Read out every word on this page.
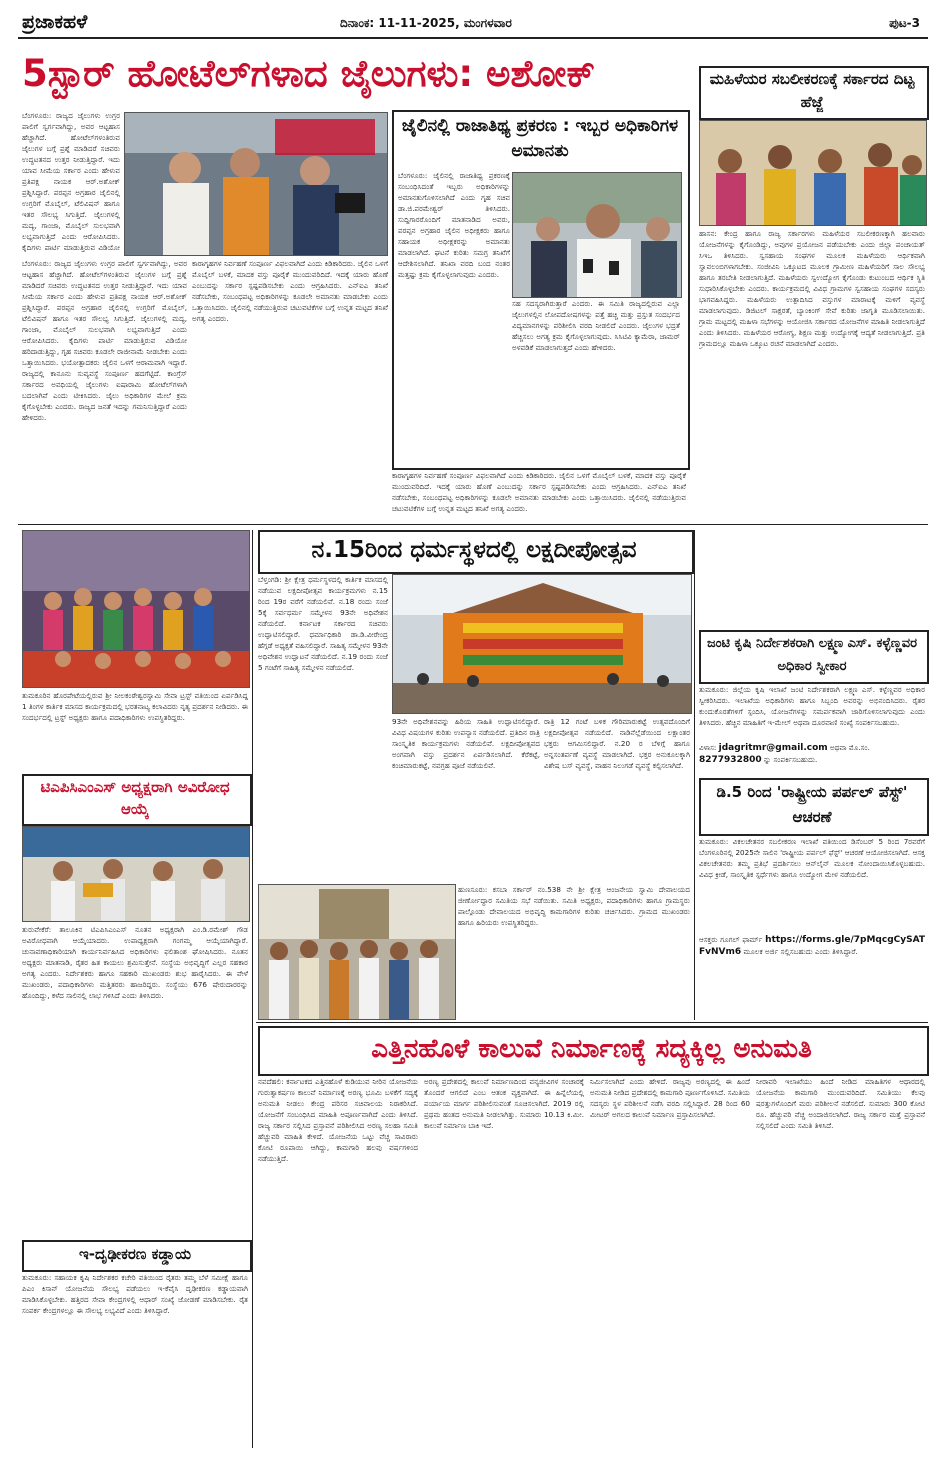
ಪ್ರಜಾಕಹಳೆ	ದಿನಾಂಕ: 11-11-2025, ಮಂಗಳವಾರ	ಪುಟ-3
5ಸ್ಟಾರ್ ಹೋಟೆಲ್‌ಗಳಾದ ಜೈಲುಗಳು: ಅಶೋಕ್
ಬೆಂಗಳೂರು: ರಾಜ್ಯದ ಜೈಲುಗಳು ಉಗ್ರರ ಪಾಲಿಗೆ ಸ್ವರ್ಗವಾಗಿದ್ದು, ಅವರ ಆಟ್ಟಹಾಸ ಹೆಚ್ಚಾಗಿದೆ. ಹೋಟೆಲ್‌ಗಳಂತಿರುವ ಜೈಲುಗಳ ಬಗ್ಗೆ ಪ್ರಶ್ನೆ ಮಾಡಿದರೆ ಸಚಿವರು ಉದ್ಧಟತನದ ಉತ್ತರ ನೀಡುತ್ತಿದ್ದಾರೆ. ಇದು ಯಾವ ಸೀಮೆಯ ಸರ್ಕಾರ ಎಂದು ಹೇಳುವ ಪ್ರತಿಪಕ್ಷ ನಾಯಕ ಆರ್.ಅಶೋಕ್ ಪ್ರಶ್ನಿಸಿದ್ದಾರೆ. ಪರಪ್ಪನ ಅಗ್ರಹಾರ ಜೈಲಿನಲ್ಲಿ ಉಗ್ರರಿಗೆ ಮೊಬೈಲ್, ಟೆಲಿವಿಷನ್ ಹಾಗೂ ಇತರ ಸೌಲಭ್ಯ ಸಿಗುತ್ತಿದೆ. ಜೈಲುಗಳಲ್ಲಿ ಮದ್ಯ, ಗಾಂಜಾ, ಮೊಬೈಲ್ ಸುಲಭವಾಗಿ ಲಭ್ಯವಾಗುತ್ತಿದೆ ಎಂದು ಆರೋಪಿಸಿದರು. ಕೈದಿಗಳು ಪಾರ್ಟಿ ಮಾಡುತ್ತಿರುವ ವಿಡಿಯೋ
ಬೆಂಗಳೂರು: ರಾಜ್ಯದ ಜೈಲುಗಳು ಉಗ್ರರ ಪಾಲಿಗೆ ಸ್ವರ್ಗವಾಗಿದ್ದು, ಅವರ ಆಟ್ಟಹಾಸ ಹೆಚ್ಚಾಗಿದೆ. ಹೋಟೆಲ್‌ಗಳಂತಿರುವ ಜೈಲುಗಳ ಬಗ್ಗೆ ಪ್ರಶ್ನೆ ಮಾಡಿದರೆ ಸಚಿವರು ಉದ್ಧಟತನದ ಉತ್ತರ ನೀಡುತ್ತಿದ್ದಾರೆ. ಇದು ಯಾವ ಸೀಮೆಯ ಸರ್ಕಾರ ಎಂದು ಹೇಳುವ ಪ್ರತಿಪಕ್ಷ ನಾಯಕ ಆರ್.ಅಶೋಕ್ ಪ್ರಶ್ನಿಸಿದ್ದಾರೆ. ಪರಪ್ಪನ ಅಗ್ರಹಾರ ಜೈಲಿನಲ್ಲಿ ಉಗ್ರರಿಗೆ ಮೊಬೈಲ್, ಟೆಲಿವಿಷನ್ ಹಾಗೂ ಇತರ ಸೌಲಭ್ಯ ಸಿಗುತ್ತಿದೆ. ಜೈಲುಗಳಲ್ಲಿ ಮದ್ಯ, ಗಾಂಜಾ, ಮೊಬೈಲ್ ಸುಲಭವಾಗಿ ಲಭ್ಯವಾಗುತ್ತಿದೆ ಎಂದು ಆರೋಪಿಸಿದರು. ಕೈದಿಗಳು ಪಾರ್ಟಿ ಮಾಡುತ್ತಿರುವ ವಿಡಿಯೋ ಹರಿದಾಡುತ್ತಿದ್ದು, ಗೃಹ ಸಚಿವರು ಕೂಡಲೇ ರಾಜೀನಾಮೆ ನೀಡಬೇಕು ಎಂದು ಒತ್ತಾಯಿಸಿದರು. ಭಯೋತ್ಪಾದಕರು ಜೈಲಿನ ಒಳಗೆ ಆರಾಮವಾಗಿ ಇದ್ದಾರೆ. ರಾಜ್ಯದಲ್ಲಿ ಕಾನೂನು ಸುವ್ಯವಸ್ಥೆ ಸಂಪೂರ್ಣ ಹದಗೆಟ್ಟಿದೆ. ಕಾಂಗ್ರೆಸ್ ಸರ್ಕಾರದ ಅವಧಿಯಲ್ಲಿ ಜೈಲುಗಳು ಐಷಾರಾಮಿ ಹೋಟೆಲ್‌ಗಳಾಗಿ ಬದಲಾಗಿವೆ ಎಂದು ಟೀಕಿಸಿದರು. ಜೈಲು ಅಧಿಕಾರಿಗಳ ಮೇಲೆ ಕ್ರಮ ಕೈಗೊಳ್ಳಬೇಕು ಎಂದರು. ರಾಜ್ಯದ ಜನತೆ ಇದನ್ನು ಗಮನಿಸುತ್ತಿದ್ದಾರೆ ಎಂದು ಹೇಳಿದರು.
ಕಾರಾಗೃಹಗಳ ನಿರ್ವಹಣೆ ಸಂಪೂರ್ಣ ವಿಫಲವಾಗಿದೆ ಎಂದು ಕಿಡಿಕಾರಿದರು. ಜೈಲಿನ ಒಳಗೆ ಮೊಬೈಲ್ ಬಳಕೆ, ಮಾದಕ ವಸ್ತು ಪೂರೈಕೆ ಮುಂದುವರಿದಿದೆ. ಇದಕ್ಕೆ ಯಾರು ಹೊಣೆ ಎಂಬುದನ್ನು ಸರ್ಕಾರ ಸ್ಪಷ್ಟಪಡಿಸಬೇಕು ಎಂದು ಆಗ್ರಹಿಸಿದರು. ಎನ್‌ಐಎ ತನಿಖೆ ನಡೆಸಬೇಕು, ಸಂಬಂಧಪಟ್ಟ ಅಧಿಕಾರಿಗಳನ್ನು ಕೂಡಲೇ ಅಮಾನತು ಮಾಡಬೇಕು ಎಂದು ಒತ್ತಾಯಿಸಿದರು. ಜೈಲಿನಲ್ಲಿ ನಡೆಯುತ್ತಿರುವ ಚಟುವಟಿಕೆಗಳ ಬಗ್ಗೆ ಉನ್ನತ ಮಟ್ಟದ ತನಿಖೆ ಅಗತ್ಯ ಎಂದರು.
ಜೈಲಿನಲ್ಲಿ ರಾಜಾತಿಥ್ಯ ಪ್ರಕರಣ : ಇಬ್ಬರ ಅಧಿಕಾರಿಗಳ ಅಮಾನತು
ಬೆಂಗಳೂರು: ಜೈಲಿನಲ್ಲಿ ರಾಜಾತಿಥ್ಯ ಪ್ರಕರಣಕ್ಕೆ ಸಂಬಂಧಿಸಿದಂತೆ ಇಬ್ಬರು ಅಧಿಕಾರಿಗಳನ್ನು ಅಮಾನತುಗೊಳಿಸಲಾಗಿದೆ ಎಂದು ಗೃಹ ಸಚಿವ ಡಾ.ಜಿ.ಪರಮೇಶ್ವರ್ ತಿಳಿಸಿದರು. ಸುದ್ದಿಗಾರರೊಂದಿಗೆ ಮಾತನಾಡಿದ ಅವರು, ಪರಪ್ಪನ ಅಗ್ರಹಾರ ಜೈಲಿನ ಅಧೀಕ್ಷಕರು ಹಾಗೂ ಸಹಾಯಕ ಅಧೀಕ್ಷಕರನ್ನು ಅಮಾನತು ಮಾಡಲಾಗಿದೆ. ಘಟನೆ ಕುರಿತು ಸಮಗ್ರ ತನಿಖೆಗೆ ಆದೇಶಿಸಲಾಗಿದೆ. ತನಿಖಾ ವರದಿ ಬಂದ ನಂತರ ಮತ್ತಷ್ಟು ಕ್ರಮ ಕೈಗೊಳ್ಳಲಾಗುವುದು ಎಂದರು.
ಸಹ ಸದಸ್ಯರಾಗಿರುತ್ತಾರೆ ಎಂದರು. ಈ ಸಮಿತಿ ರಾಜ್ಯದಲ್ಲಿರುವ ಎಲ್ಲಾ ಜೈಲುಗಳಲ್ಲಿನ ಲೋಪದೋಷಗಳನ್ನು ಪತ್ತೆ ಹಚ್ಚಿ ಮತ್ತು ಪ್ರಸ್ತುತ ಸಂದರ್ಭದ ವಿದ್ಯಮಾನಗಳನ್ನು ಪರಿಶೀಲಿಸಿ ವರದಿ ನೀಡಲಿದೆ ಎಂದರು. ಜೈಲುಗಳ ಭದ್ರತೆ ಹೆಚ್ಚಿಸಲು ಅಗತ್ಯ ಕ್ರಮ ಕೈಗೊಳ್ಳಲಾಗುವುದು. ಸಿಸಿಟಿವಿ ಕ್ಯಾಮೆರಾ, ಜಾಮರ್ ಅಳವಡಿಕೆ ಮಾಡಲಾಗುತ್ತದೆ ಎಂದು ಹೇಳಿದರು.
ಕಾರಾಗೃಹಗಳ ನಿರ್ವಹಣೆ ಸಂಪೂರ್ಣ ವಿಫಲವಾಗಿದೆ ಎಂದು ಕಿಡಿಕಾರಿದರು. ಜೈಲಿನ ಒಳಗೆ ಮೊಬೈಲ್ ಬಳಕೆ, ಮಾದಕ ವಸ್ತು ಪೂರೈಕೆ ಮುಂದುವರಿದಿದೆ. ಇದಕ್ಕೆ ಯಾರು ಹೊಣೆ ಎಂಬುದನ್ನು ಸರ್ಕಾರ ಸ್ಪಷ್ಟಪಡಿಸಬೇಕು ಎಂದು ಆಗ್ರಹಿಸಿದರು. ಎನ್‌ಐಎ ತನಿಖೆ ನಡೆಸಬೇಕು, ಸಂಬಂಧಪಟ್ಟ ಅಧಿಕಾರಿಗಳನ್ನು ಕೂಡಲೇ ಅಮಾನತು ಮಾಡಬೇಕು ಎಂದು ಒತ್ತಾಯಿಸಿದರು. ಜೈಲಿನಲ್ಲಿ ನಡೆಯುತ್ತಿರುವ ಚಟುವಟಿಕೆಗಳ ಬಗ್ಗೆ ಉನ್ನತ ಮಟ್ಟದ ತನಿಖೆ ಅಗತ್ಯ ಎಂದರು.
ಮಹಿಳೆಯರ ಸಬಲೀಕರಣಕ್ಕೆ ಸರ್ಕಾರದ ದಿಟ್ಟ ಹೆಜ್ಜೆ
ಹಾಸನ: ಕೇಂದ್ರ ಹಾಗೂ ರಾಜ್ಯ ಸರ್ಕಾರಗಳು ಮಹಿಳೆಯರ ಸಬಲೀಕರಣಕ್ಕಾಗಿ ಹಲವಾರು ಯೋಜನೆಗಳನ್ನು ಕೈಗೊಂಡಿದ್ದು, ಅವುಗಳ ಪ್ರಯೋಜನ ಪಡೆಯಬೇಕು ಎಂದು ಜಿಲ್ಲಾ ಪಂಚಾಯತ್ ಸಿಇಒ ತಿಳಿಸಿದರು. ಸ್ವಸಹಾಯ ಸಂಘಗಳ ಮೂಲಕ ಮಹಿಳೆಯರು ಆರ್ಥಿಕವಾಗಿ ಸ್ವಾವಲಂಬಿಗಳಾಗಬೇಕು. ಸಂಜೀವಿನಿ ಒಕ್ಕೂಟದ ಮೂಲಕ ಗ್ರಾಮೀಣ ಮಹಿಳೆಯರಿಗೆ ಸಾಲ ಸೌಲಭ್ಯ ಹಾಗೂ ತರಬೇತಿ ನೀಡಲಾಗುತ್ತಿದೆ. ಮಹಿಳೆಯರು ಸ್ವಉದ್ಯೋಗ ಕೈಗೊಂಡು ಕುಟುಂಬದ ಆರ್ಥಿಕ ಸ್ಥಿತಿ ಸುಧಾರಿಸಿಕೊಳ್ಳಬೇಕು ಎಂದರು. ಕಾರ್ಯಕ್ರಮದಲ್ಲಿ ವಿವಿಧ ಗ್ರಾಮಗಳ ಸ್ವಸಹಾಯ ಸಂಘಗಳ ಸದಸ್ಯರು ಭಾಗವಹಿಸಿದ್ದರು. ಮಹಿಳೆಯರು ಉತ್ಪಾದಿಸಿದ ವಸ್ತುಗಳ ಮಾರಾಟಕ್ಕೆ ಮಳಿಗೆ ವ್ಯವಸ್ಥೆ ಮಾಡಲಾಗುವುದು. ಡಿಜಿಟಲ್ ಸಾಕ್ಷರತೆ, ಬ್ಯಾಂಕಿಂಗ್ ಸೇವೆ ಕುರಿತು ಜಾಗೃತಿ ಮೂಡಿಸಲಾಯಿತು. ಗ್ರಾಮ ಮಟ್ಟದಲ್ಲಿ ಮಹಿಳಾ ಸಭೆಗಳನ್ನು ಆಯೋಜಿಸಿ ಸರ್ಕಾರದ ಯೋಜನೆಗಳ ಮಾಹಿತಿ ನೀಡಲಾಗುತ್ತಿದೆ ಎಂದು ತಿಳಿಸಿದರು. ಮಹಿಳೆಯರ ಆರೋಗ್ಯ, ಶಿಕ್ಷಣ ಮತ್ತು ಉದ್ಯೋಗಕ್ಕೆ ಆದ್ಯತೆ ನೀಡಲಾಗುತ್ತಿದೆ. ಪ್ರತಿ ಗ್ರಾಮದಲ್ಲೂ ಮಹಿಳಾ ಒಕ್ಕೂಟ ರಚನೆ ಮಾಡಲಾಗಿದೆ ಎಂದರು.
ತುಮಕೂರಿನ ಹೊರಪೇಟೆಯಲ್ಲಿರುವ ಶ್ರೀ ನೀಲಕಂಠೇಶ್ವರಸ್ವಾಮಿ ಸೇವಾ ಟ್ರಸ್ಟ್ ವತಿಯಿಂದ ಏರ್ಪಡಿಸಿದ್ದ 1 ತಿಂಗಳ ಕಾರ್ತಿಕ ಮಾಸದ ಕಾರ್ಯಕ್ರಮದಲ್ಲಿ ಭರತನಾಟ್ಯ ಕಲಾವಿದರು ನೃತ್ಯ ಪ್ರದರ್ಶನ ನೀಡಿದರು. ಈ ಸಂದರ್ಭದಲ್ಲಿ ಟ್ರಸ್ಟ್ ಅಧ್ಯಕ್ಷರು ಹಾಗೂ ಪದಾಧಿಕಾರಿಗಳು ಉಪಸ್ಥಿತರಿದ್ದರು.
ಟಿಎಪಿಸಿಎಂಎಸ್ ಅಧ್ಯಕ್ಷರಾಗಿ ಅವಿರೋಧ ಆಯ್ಕೆ
ತುರುವೇಕೆರೆ: ತಾಲೂಕಿನ ಟಿಎಪಿಸಿಎಂಎಸ್ ನೂತನ ಅಧ್ಯಕ್ಷರಾಗಿ ಎಂ.ಡಿ.ರಮೇಶ್ ಗೌಡ ಅವಿರೋಧವಾಗಿ ಆಯ್ಕೆಯಾದರು. ಉಪಾಧ್ಯಕ್ಷರಾಗಿ ಗಂಗಮ್ಮ ಆಯ್ಕೆಯಾಗಿದ್ದಾರೆ. ಚುನಾವಣಾಧಿಕಾರಿಯಾಗಿ ಕಾರ್ಯನಿರ್ವಹಿಸಿದ ಅಧಿಕಾರಿಗಳು ಫಲಿತಾಂಶ ಘೋಷಿಸಿದರು. ನೂತನ ಅಧ್ಯಕ್ಷರು ಮಾತನಾಡಿ, ರೈತರ ಹಿತ ಕಾಯಲು ಶ್ರಮಿಸುತ್ತೇನೆ. ಸಂಸ್ಥೆಯ ಅಭಿವೃದ್ಧಿಗೆ ಎಲ್ಲರ ಸಹಕಾರ ಅಗತ್ಯ ಎಂದರು. ನಿರ್ದೇಶಕರು ಹಾಗೂ ಸಹಕಾರಿ ಮುಖಂಡರು ಶುಭ ಹಾರೈಸಿದರು. ಈ ವೇಳೆ ಮುಖಂಡರು, ಪದಾಧಿಕಾರಿಗಳು ಮತ್ತಿತರರು ಹಾಜರಿದ್ದರು. ಸಂಸ್ಥೆಯು 676 ಷೇರುದಾರರನ್ನು ಹೊಂದಿದ್ದು, ಕಳೆದ ಸಾಲಿನಲ್ಲಿ ಲಾಭ ಗಳಿಸಿದೆ ಎಂದು ತಿಳಿಸಿದರು.
ಇ-ದೃಢೀಕರಣ ಕಡ್ಡಾಯ
ತುಮಕೂರು: ಸಹಾಯಕ ಕೃಷಿ ನಿರ್ದೇಶಕರ ಕಚೇರಿ ವತಿಯಿಂದ ರೈತರು ತಮ್ಮ ಬೆಳೆ ಸಮೀಕ್ಷೆ ಹಾಗೂ ಪಿಎಂ ಕಿಸಾನ್ ಯೋಜನೆಯ ಸೌಲಭ್ಯ ಪಡೆಯಲು ಇ-ಕೆವೈಸಿ ದೃಢೀಕರಣ ಕಡ್ಡಾಯವಾಗಿ ಮಾಡಿಸಿಕೊಳ್ಳಬೇಕು. ಹತ್ತಿರದ ಸೇವಾ ಕೇಂದ್ರಗಳಲ್ಲಿ ಆಧಾರ್ ಸಂಖ್ಯೆ ಜೋಡಣೆ ಮಾಡಿಸಬೇಕು. ರೈತ ಸಂಪರ್ಕ ಕೇಂದ್ರಗಳಲ್ಲೂ ಈ ಸೌಲಭ್ಯ ಲಭ್ಯವಿದೆ ಎಂದು ತಿಳಿಸಿದ್ದಾರೆ.
ನ.15ರಿಂದ ಧರ್ಮಸ್ಥಳದಲ್ಲಿ ಲಕ್ಷದೀಪೋತ್ಸವ
ಬೆಳ್ತಂಗಡಿ: ಶ್ರೀ ಕ್ಷೇತ್ರ ಧರ್ಮಸ್ಥಳದಲ್ಲಿ ಕಾರ್ತಿಕ ಮಾಸದಲ್ಲಿ ನಡೆಯುವ ಲಕ್ಷದೀಪೋತ್ಸವ ಕಾರ್ಯಕ್ರಮಗಳು ನ.15 ರಿಂದ 19ರ ವರೆಗೆ ನಡೆಯಲಿವೆ. ನ.18 ರಂದು ಸಂಜೆ 5ಕ್ಕೆ ಸರ್ವಧರ್ಮ ಸಮ್ಮೇಳನ 93ನೇ ಅಧಿವೇಶನ ನಡೆಯಲಿದೆ. ಕರ್ನಾಟಕ ಸರ್ಕಾರದ ಸಚಿವರು ಉದ್ಘಾಟಿಸಲಿದ್ದಾರೆ. ಧರ್ಮಾಧಿಕಾರಿ ಡಾ.ಡಿ.ವೀರೇಂದ್ರ ಹೆಗ್ಗಡೆ ಅಧ್ಯಕ್ಷತೆ ವಹಿಸಲಿದ್ದಾರೆ. ಸಾಹಿತ್ಯ ಸಮ್ಮೇಳನ 93ನೇ ಅಧಿವೇಶನ ಉದ್ಘಾಟನೆ ನಡೆಯಲಿದೆ. ನ.19 ರಂದು ಸಂಜೆ 5 ಗಂಟೆಗೆ ಸಾಹಿತ್ಯ ಸಮ್ಮೇಳನ ನಡೆಯಲಿದೆ.
93ನೇ ಅಧಿವೇಶನವನ್ನು ಹಿರಿಯ ಸಾಹಿತಿ ಉದ್ಘಾಟಿಸಲಿದ್ದಾರೆ. ವಿವಿಧ ವಿಷಯಗಳ ಕುರಿತು ಉಪನ್ಯಾಸ ನಡೆಯಲಿದೆ. ಪ್ರತಿದಿನ ರಾತ್ರಿ ಸಾಂಸ್ಕೃತಿಕ ಕಾರ್ಯಕ್ರಮಗಳು ನಡೆಯಲಿವೆ. ಲಕ್ಷದೀಪೋತ್ಸವದ ಅಂಗವಾಗಿ ವಸ್ತು ಪ್ರದರ್ಶನ ಏರ್ಪಡಿಸಲಾಗಿದೆ. ಕೆರೆಕಟ್ಟೆ, ಕಂಚಿಮಾರುಕಟ್ಟೆ, ನವಗ್ರಹ ಪೂಜೆ ನಡೆಯಲಿವೆ.
ರಾತ್ರಿ 12 ಗಂಟೆ ಬಳಿಕ ಗೌರಿಮಾರುಕಟ್ಟೆ ಉತ್ಸವದೊಂದಿಗೆ ಲಕ್ಷದೀಪೋತ್ಸವ ನಡೆಯಲಿದೆ. ನಾಡಿನೆಲ್ಲೆಡೆಯಿಂದ ಲಕ್ಷಾಂತರ ಭಕ್ತರು ಆಗಮಿಸಲಿದ್ದಾರೆ. ನ.20 ರ ಬೆಳಿಗ್ಗೆ ಹಾಗೂ ಅನ್ನಸಂತರ್ಪಣೆ ವ್ಯವಸ್ಥೆ ಮಾಡಲಾಗಿದೆ. ಭಕ್ತರ ಅನುಕೂಲಕ್ಕಾಗಿ ವಿಶೇಷ ಬಸ್ ವ್ಯವಸ್ಥೆ, ವಾಹನ ನಿಲುಗಡೆ ವ್ಯವಸ್ಥೆ ಕಲ್ಪಿಸಲಾಗಿದೆ.
ಹುಣಸೂರು: ಕಸಬಾ ಸರ್ಕಾರ್ ನಂ.538 ನೇ ಶ್ರೀ ಕ್ಷೇತ್ರ ಆಂಜನೇಯ ಸ್ವಾಮಿ ದೇವಾಲಯದ ಜೀರ್ಣೋದ್ಧಾರ ಸಮಿತಿಯ ಸಭೆ ನಡೆಯಿತು. ಸಮಿತಿ ಅಧ್ಯಕ್ಷರು, ಪದಾಧಿಕಾರಿಗಳು ಹಾಗೂ ಗ್ರಾಮಸ್ಥರು ಪಾಲ್ಗೊಂಡು ದೇವಾಲಯದ ಅಭಿವೃದ್ಧಿ ಕಾಮಗಾರಿಗಳ ಕುರಿತು ಚರ್ಚಿಸಿದರು. ಗ್ರಾಮದ ಮುಖಂಡರು ಹಾಗೂ ಹಿರಿಯರು ಉಪಸ್ಥಿತರಿದ್ದರು.
ಜಂಟಿ ಕೃಷಿ ನಿರ್ದೇಶಕರಾಗಿ ಲಕ್ಷ್ಮಣ ಎಸ್. ಕಳ್ಳೆಣ್ಣವರ ಅಧಿಕಾರ ಸ್ವೀಕಾರ
ತುಮಕೂರು: ಜಿಲ್ಲೆಯ ಕೃಷಿ ಇಲಾಖೆ ಜಂಟಿ ನಿರ್ದೇಶಕರಾಗಿ ಲಕ್ಷ್ಮಣ ಎಸ್. ಕಳ್ಳೆಣ್ಣವರ ಅಧಿಕಾರ ಸ್ವೀಕರಿಸಿದರು. ಇಲಾಖೆಯ ಅಧಿಕಾರಿಗಳು ಹಾಗೂ ಸಿಬ್ಬಂದಿ ಅವರನ್ನು ಅಭಿನಂದಿಸಿದರು. ರೈತರ ಕುಂದುಕೊರತೆಗಳಿಗೆ ಸ್ಪಂದಿಸಿ, ಯೋಜನೆಗಳನ್ನು ಸಮರ್ಪಕವಾಗಿ ಜಾರಿಗೊಳಿಸಲಾಗುವುದು ಎಂದು ತಿಳಿಸಿದರು. ಹೆಚ್ಚಿನ ಮಾಹಿತಿಗೆ ಇ-ಮೇಲ್ ಅಥವಾ ದೂರವಾಣಿ ಸಂಖ್ಯೆ ಸಂಪರ್ಕಿಸಬಹುದು.
ವಿಳಾಸ: jdagritmr@gmail.com ಅಥವಾ ಮೊ.ಸಂ.
8277932800 ನ್ನು ಸಂಪರ್ಕಿಸಬಹುದು.
ಡಿ.5 ರಿಂದ 'ರಾಷ್ಟ್ರೀಯ ಪರ್ಪಲ್ ಪೆಸ್ಟ್' ಆಚರಣೆ
ತುಮಕೂರು: ವಿಕಲಚೇತನರ ಸಬಲೀಕರಣ ಇಲಾಖೆ ವತಿಯಿಂದ ಡಿಸೆಂಬರ್ 5 ರಿಂದ 7ರವರೆಗೆ ಬೆಂಗಳೂರಿನಲ್ಲಿ 2025ನೇ ಸಾಲಿನ 'ರಾಷ್ಟ್ರೀಯ ಪರ್ಪಲ್ ಫೆಸ್ಟ್' ಆಚರಣೆ ಆಯೋಜಿಸಲಾಗಿದೆ. ಆಸಕ್ತ ವಿಕಲಚೇತನರು ತಮ್ಮ ಪ್ರತಿಭೆ ಪ್ರದರ್ಶಿಸಲು ಆನ್‌ಲೈನ್ ಮೂಲಕ ನೋಂದಾಯಿಸಿಕೊಳ್ಳಬಹುದು. ವಿವಿಧ ಕ್ರೀಡೆ, ಸಾಂಸ್ಕೃತಿಕ ಸ್ಪರ್ಧೆಗಳು ಹಾಗೂ ಉದ್ಯೋಗ ಮೇಳ ನಡೆಯಲಿದೆ.
ಆಸಕ್ತರು ಗೂಗಲ್ ಫಾರ್ಮ್ https://forms.gle/7pMqcgCySATFvNVm6 ಮೂಲಕ ಅರ್ಜಿ ಸಲ್ಲಿಸಬಹುದು ಎಂದು ತಿಳಿಸಿದ್ದಾರೆ.
ಎತ್ತಿನಹೊಳೆ ಕಾಲುವೆ ನಿರ್ಮಾಣಕ್ಕೆ ಸದ್ಯಕ್ಕಿಲ್ಲ ಅನುಮತಿ
ನವದೆಹಲಿ: ಕರ್ನಾಟಕದ ಎತ್ತಿನಹೊಳೆ ಕುಡಿಯುವ ನೀರಿನ ಯೋಜನೆಯ ಗುರುತ್ವಾಕರ್ಷಣ ಕಾಲುವೆ ನಿರ್ಮಾಣಕ್ಕೆ ಅರಣ್ಯ ಭೂಮಿ ಬಳಕೆಗೆ ಸದ್ಯಕ್ಕೆ ಅನುಮತಿ ನೀಡಲು ಕೇಂದ್ರ ಪರಿಸರ ಸಚಿವಾಲಯ ನಿರಾಕರಿಸಿದೆ. ಯೋಜನೆಗೆ ಸಂಬಂಧಿಸಿದ ಮಾಹಿತಿ ಅಪೂರ್ಣವಾಗಿದೆ ಎಂದು ತಿಳಿಸಿದೆ. ರಾಜ್ಯ ಸರ್ಕಾರ ಸಲ್ಲಿಸಿದ ಪ್ರಸ್ತಾವನೆ ಪರಿಶೀಲಿಸಿದ ಅರಣ್ಯ ಸಲಹಾ ಸಮಿತಿ ಹೆಚ್ಚುವರಿ ಮಾಹಿತಿ ಕೇಳಿದೆ. ಯೋಜನೆಯ ಒಟ್ಟು ವೆಚ್ಚ ಸಾವಿರಾರು ಕೋಟಿ ರೂಪಾಯಿ ಆಗಿದ್ದು, ಕಾಮಗಾರಿ ಹಲವು ವರ್ಷಗಳಿಂದ ನಡೆಯುತ್ತಿದೆ.
ಅರಣ್ಯ ಪ್ರದೇಶದಲ್ಲಿ ಕಾಲುವೆ ನಿರ್ಮಾಣದಿಂದ ವನ್ಯಜೀವಿಗಳ ಸಂಚಾರಕ್ಕೆ ತೊಂದರೆ ಆಗಲಿದೆ ಎಂಬ ಆತಂಕ ವ್ಯಕ್ತವಾಗಿದೆ. ಈ ಹಿನ್ನೆಲೆಯಲ್ಲಿ ಪರ್ಯಾಯ ಮಾರ್ಗ ಪರಿಶೀಲಿಸುವಂತೆ ಸೂಚಿಸಲಾಗಿದೆ. 2019 ರಲ್ಲಿ ಪ್ರಥಮ ಹಂತದ ಅನುಮತಿ ನೀಡಲಾಗಿತ್ತು. ಸುಮಾರು 10.13 ಕಿ.ಮೀ. ಕಾಲುವೆ ನಿರ್ಮಾಣ ಬಾಕಿ ಇದೆ.
ನಿರ್ಮಿಸಲಾಗಿದೆ ಎಂದು ಹೇಳಿದೆ. ರಾಜ್ಯವು ಅರಣ್ಯದಲ್ಲಿ ಈ ಹಿಂದೆ ಅನುಮತಿ ನೀಡಿದ ಪ್ರದೇಶದಲ್ಲಿ ಕಾಮಗಾರಿ ಪೂರ್ಣಗೊಳಿಸಿದೆ. ಸಮಿತಿಯ ಸದಸ್ಯರು ಸ್ಥಳ ಪರಿಶೀಲನೆ ನಡೆಸಿ ವರದಿ ಸಲ್ಲಿಸಿದ್ದಾರೆ. 28 ರಿಂದ 60 ಮೀಟರ್ ಅಗಲದ ಕಾಲುವೆ ನಿರ್ಮಾಣ ಪ್ರಸ್ತಾಪಿಸಲಾಗಿದೆ.
ನೀರಾವರಿ ಇಲಾಖೆಯು ಹಿಂದೆ ನೀಡಿದ ಮಾಹಿತಿಗಳ ಆಧಾರದಲ್ಲಿ ಯೋಜನೆಯ ಕಾಮಗಾರಿ ಮುಂದುವರಿದಿದೆ. ಸಮಿತಿಯು ಕೆಲವು ಷರತ್ತುಗಳೊಂದಿಗೆ ಮರು ಪರಿಶೀಲನೆ ನಡೆಸಲಿದೆ. ಸುಮಾರು 300 ಕೋಟಿ ರೂ. ಹೆಚ್ಚುವರಿ ವೆಚ್ಚ ಅಂದಾಜಿಸಲಾಗಿದೆ. ರಾಜ್ಯ ಸರ್ಕಾರ ಮತ್ತೆ ಪ್ರಸ್ತಾವನೆ ಸಲ್ಲಿಸಲಿದೆ ಎಂದು ಸಮಿತಿ ತಿಳಿಸಿದೆ.
